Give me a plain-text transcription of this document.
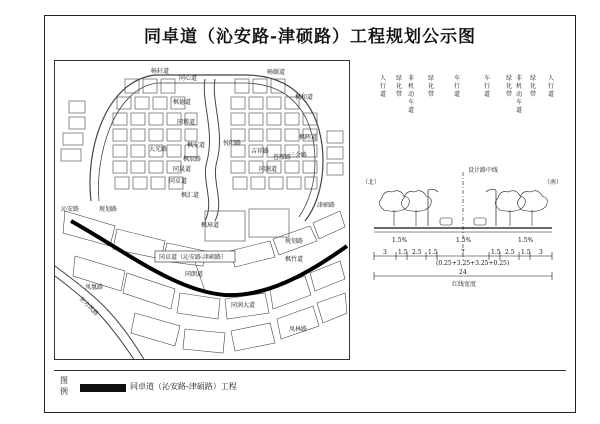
同卓道（沁安路-津硕路）工程规划公示图
同卓道（沁安路-津硕路）
畅轩道
同心道
畅颐道
枫德道
同博道
枫和道
同晟道
枫晖道
同卓道
枫安道
同源道
枫汇道
枫辰路
大光路
悦阳路
吉祥路
苍雁路
三会路
沁安路
津硕路
枫璋道
同朗道
同润大道
枫竹道
凤凰路
凤林路
规划路
规划路
东方风路
人行道
绿化带
非机动车道
绿化带
车行道
车行道
绿化带
非机动车道
绿化带
人行道
设计路中线
（北）	（南）
1.5%	1.5%	1.5%
3 1.5 2.5 1.5	7	1.5 2.5 1.5 3
(0.25+3.25+3.25+0.25)
24
红线宽度
图
例
同卓道（沁安路-津硕路）工程
